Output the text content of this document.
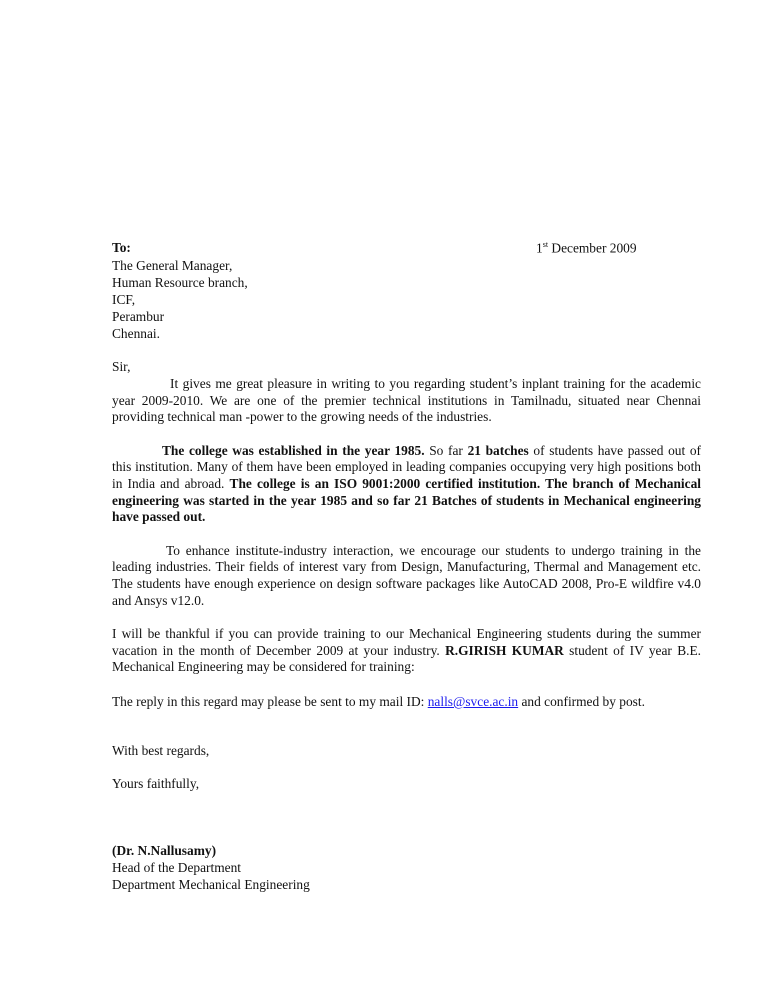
To:	1st December 2009
The General Manager,
Human Resource branch,
ICF,
Perambur
Chennai.
Sir,
It gives me great pleasure in writing to you regarding student’s inplant training for the academic year 2009-2010. We are one of the premier technical institutions in Tamilnadu, situated near Chennai providing technical man -power to the growing needs of the industries.
The college was established in the year 1985. So far 21 batches of students have passed out of this institution. Many of them have been employed in leading companies occupying very high positions both in India and abroad. The college is an ISO 9001:2000 certified institution. The branch of Mechanical engineering was started in the year 1985 and so far 21 Batches of students in Mechanical engineering have passed out.
To enhance institute-industry interaction, we encourage our students to undergo training in the leading industries. Their fields of interest vary from Design, Manufacturing, Thermal and Management etc. The students have enough experience on design software packages like AutoCAD 2008, Pro-E wildfire v4.0 and Ansys v12.0.
I will be thankful if you can provide training to our Mechanical Engineering students during the summer vacation in the month of December 2009 at your industry. R.GIRISH KUMAR student of IV year B.E. Mechanical Engineering may be considered for training:
The reply in this regard may please be sent to my mail ID: nalls@svce.ac.in and confirmed by post.
With best regards,
Yours faithfully,
(Dr. N.Nallusamy)
Head of the Department
Department Mechanical Engineering
